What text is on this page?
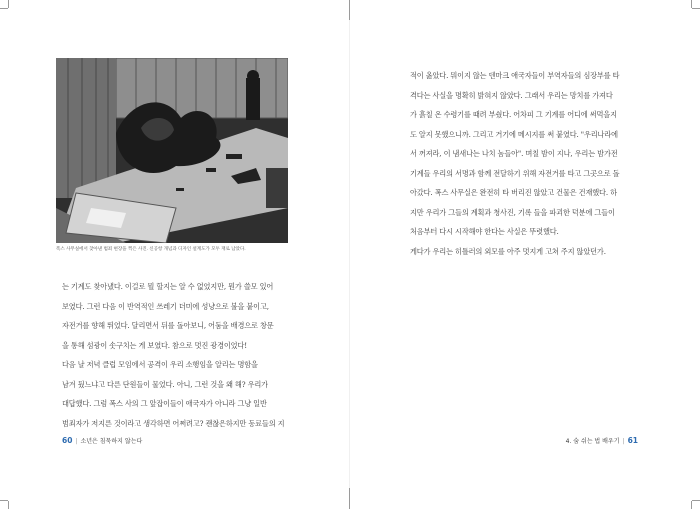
폭스 사무실에서 찾아낸 범죄 현장을 찍은 사진. 신공항 개념과 디자인 설계도가 모두 재로 남았다.
는 기계도 찾아냈다. 이걸로 뭘 할지는 알 수 없었지만, 뭔가 쓸모 있어
보였다. 그런 다음 이 반역적인 쓰레기 더미에 성냥으로 불을 붙이고,
자전거를 향해 뛰었다. 달리면서 뒤를 돌아보니, 어둠을 배경으로 창문
을 통해 섬광이 솟구치는 게 보였다. 참으로 멋진 광경이었다!
다음 날 저녁 클럽 모임에서 공격이 우리 소행임을 알리는 명함을
남겨 뒀느냐고 다른 단원들이 물었다. 아니, 그런 것을 왜 해? 우리가
대답했다. 그럼 폭스 사의 그 앞잡이들이 애국자가 아니라 그냥 일반
범죄자가 저지른 것이라고 생각하면 어쩌려고? 괜찮은하지만 동료들의 지
60 | 소년은 침묵하지 않는다
적이 옳았다. 뭐이지 않는 덴마크 애국자들이 부역자들의 심장부를 타
격다는 사실을 명확히 밝혀지 않았다. 그래서 우리는 망치를 가져다
가 흙칠 온 수령기를 때려 부쉈다. 어차피 그 기계를 어디에 써먹을지
도 알지 못했으니까. 그리고 거기에 메시지를 써 붙였다. "우리나라에
서 꺼져라, 이 냄새나는 나치 놈들아". 며칠 밤이 지나, 우리는 밤가전
기계들 우리의 서명과 함께 전달하기 위해 자전거를 타고 그곳으로 돌
아갔다. 폭스 사무실은 완전히 타 버리진 않았고 건물은 건재했다. 하
지만 우리가 그들의 계획과 청사진, 기록 들을 파괴한 덕분에 그들이
처음부터 다시 시작해야 한다는 사실은 뚜렷했다.
게다가 우리는 히틀러의 외모를 아주 멋지게 고쳐 주지 않았던가.
4. 숨 쉬는 법 배우기 | 61
